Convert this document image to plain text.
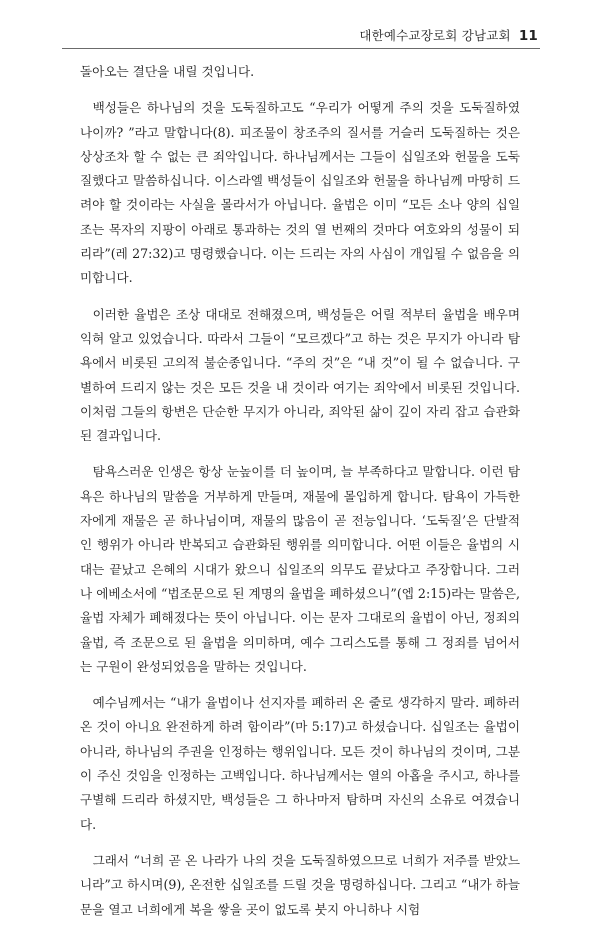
대한예수교장로회 강남교회 11

돌아오는 결단을 내릴 것입니다.

백성들은 하나님의 것을 도둑질하고도 “우리가 어떻게 주의 것을 도둑질하였나이까? ”라고 말합니다(8). 피조물이 창조주의 질서를 거슬러 도둑질하는 것은 상상조차 할 수 없는 큰 죄악입니다. 하나님께서는 그들이 십일조와 헌물을 도둑질했다고 말씀하십니다. 이스라엘 백성들이 십일조와 헌물을 하나님께 마땅히 드려야 할 것이라는 사실을 몰라서가 아닙니다. 율법은 이미 “모든 소나 양의 십일조는 목자의 지팡이 아래로 통과하는 것의 열 번째의 것마다 여호와의 성물이 되리라”(레 27:32)고 명령했습니다. 이는 드리는 자의 사심이 개입될 수 없음을 의미합니다.

이러한 율법은 조상 대대로 전해졌으며, 백성들은 어릴 적부터 율법을 배우며 익혀 알고 있었습니다. 따라서 그들이 “모르겠다”고 하는 것은 무지가 아니라 탐욕에서 비롯된 고의적 불순종입니다. “주의 것”은 “내 것”이 될 수 없습니다. 구별하여 드리지 않는 것은 모든 것을 내 것이라 여기는 죄악에서 비롯된 것입니다. 이처럼 그들의 항변은 단순한 무지가 아니라, 죄악된 삶이 깊이 자리 잡고 습관화된 결과입니다.

탐욕스러운 인생은 항상 눈높이를 더 높이며, 늘 부족하다고 말합니다. 이런 탐욕은 하나님의 말씀을 거부하게 만들며, 재물에 몰입하게 합니다. 탐욕이 가득한 자에게 재물은 곧 하나님이며, 재물의 많음이 곧 전능입니다. ‘도둑질’은 단발적인 행위가 아니라 반복되고 습관화된 행위를 의미합니다. 어떤 이들은 율법의 시대는 끝났고 은혜의 시대가 왔으니 십일조의 의무도 끝났다고 주장합니다. 그러나 에베소서에 “법조문으로 된 계명의 율법을 폐하셨으니”(엡 2:15)라는 말씀은, 율법 자체가 폐해졌다는 뜻이 아닙니다. 이는 문자 그대로의 율법이 아닌, 정죄의 율법, 즉 조문으로 된 율법을 의미하며, 예수 그리스도를 통해 그 정죄를 넘어서는 구원이 완성되었음을 말하는 것입니다.

예수님께서는 “내가 율법이나 선지자를 폐하러 온 줄로 생각하지 말라. 폐하러 온 것이 아니요 완전하게 하려 함이라”(마 5:17)고 하셨습니다. 십일조는 율법이 아니라, 하나님의 주권을 인정하는 행위입니다. 모든 것이 하나님의 것이며, 그분이 주신 것임을 인정하는 고백입니다. 하나님께서는 열의 아홉을 주시고, 하나를 구별해 드리라 하셨지만, 백성들은 그 하나마저 탐하며 자신의 소유로 여겼습니다.

그래서 “너희 곧 온 나라가 나의 것을 도둑질하였으므로 너희가 저주를 받았느니라”고 하시며(9), 온전한 십일조를 드릴 것을 명령하십니다. 그리고 “내가 하늘 문을 열고 너희에게 복을 쌓을 곳이 없도록 붓지 아니하나 시험
